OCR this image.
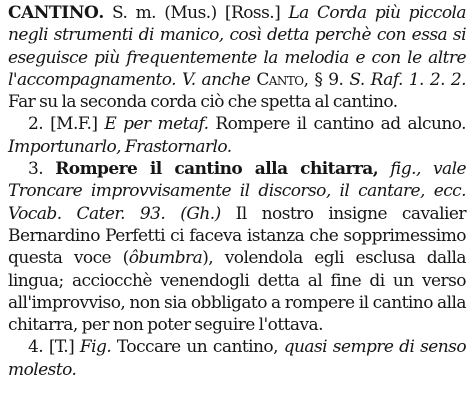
CANTINO. S. m. (Mus.) [Ross.] La Corda più piccola negli strumenti di manico, così detta perchè con essa si eseguisce più frequentemente la melodia e con le altre l'accompagnamento. V. anche Canto, § 9. S. Raf. 1. 2. 2. Far su la seconda corda ciò che spetta al cantino.

2. [M.F.] E per metaf. Rompere il cantino ad alcuno. Importunarlo, Frastornarlo.

3. Rompere il cantino alla chitarra, fig., vale Troncare improvvisamente il discorso, il cantare, ecc. Vocab. Cater. 93. (Gh.) Il nostro insigne cavalier Bernardino Perfetti ci faceva istanza che sopprimessimo questa voce (ôbumbra), volendola egli esclusa dalla lingua; acciocchè venendogli detta al fine di un verso all'improvviso, non sia obbligato a rompere il cantino alla chitarra, per non poter seguire l'ottava.

4. [T.] Fig. Toccare un cantino, quasi sempre di senso molesto.
